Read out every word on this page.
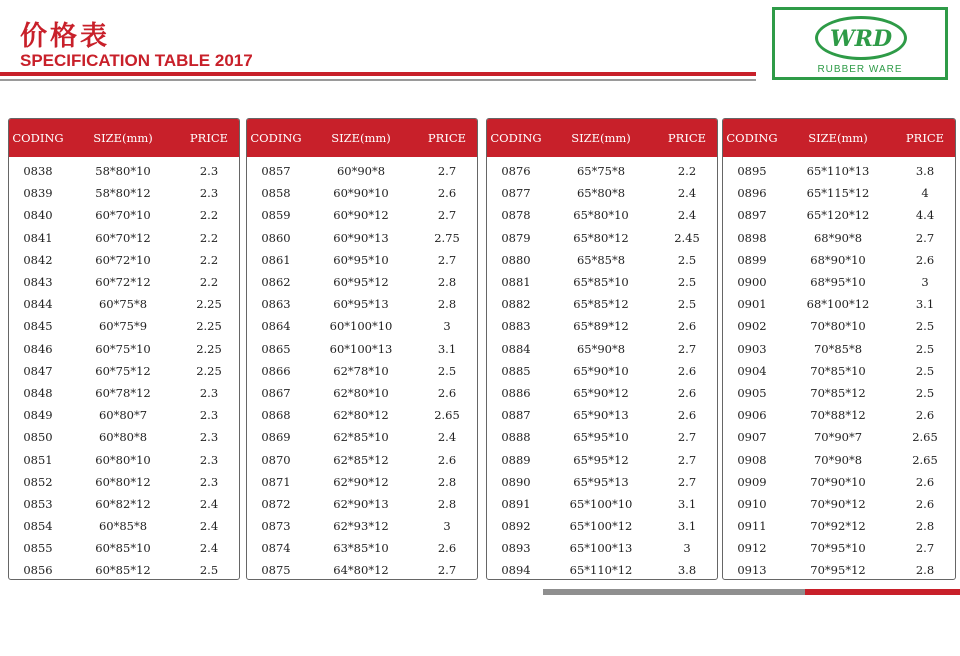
价格表
SPECIFICATION TABLE 2017
WRD
RUBBER WARE
CODING	SIZE(mm)	PRICE
0838	58*80*10	2.3
0839	58*80*12	2.3
0840	60*70*10	2.2
0841	60*70*12	2.2
0842	60*72*10	2.2
0843	60*72*12	2.2
0844	60*75*8	2.25
0845	60*75*9	2.25
0846	60*75*10	2.25
0847	60*75*12	2.25
0848	60*78*12	2.3
0849	60*80*7	2.3
0850	60*80*8	2.3
0851	60*80*10	2.3
0852	60*80*12	2.3
0853	60*82*12	2.4
0854	60*85*8	2.4
0855	60*85*10	2.4
0856	60*85*12	2.5
CODING	SIZE(mm)	PRICE
0857	60*90*8	2.7
0858	60*90*10	2.6
0859	60*90*12	2.7
0860	60*90*13	2.75
0861	60*95*10	2.7
0862	60*95*12	2.8
0863	60*95*13	2.8
0864	60*100*10	3
0865	60*100*13	3.1
0866	62*78*10	2.5
0867	62*80*10	2.6
0868	62*80*12	2.65
0869	62*85*10	2.4
0870	62*85*12	2.6
0871	62*90*12	2.8
0872	62*90*13	2.8
0873	62*93*12	3
0874	63*85*10	2.6
0875	64*80*12	2.7
CODING	SIZE(mm)	PRICE
0876	65*75*8	2.2
0877	65*80*8	2.4
0878	65*80*10	2.4
0879	65*80*12	2.45
0880	65*85*8	2.5
0881	65*85*10	2.5
0882	65*85*12	2.5
0883	65*89*12	2.6
0884	65*90*8	2.7
0885	65*90*10	2.6
0886	65*90*12	2.6
0887	65*90*13	2.6
0888	65*95*10	2.7
0889	65*95*12	2.7
0890	65*95*13	2.7
0891	65*100*10	3.1
0892	65*100*12	3.1
0893	65*100*13	3
0894	65*110*12	3.8
CODING	SIZE(mm)	PRICE
0895	65*110*13	3.8
0896	65*115*12	4
0897	65*120*12	4.4
0898	68*90*8	2.7
0899	68*90*10	2.6
0900	68*95*10	3
0901	68*100*12	3.1
0902	70*80*10	2.5
0903	70*85*8	2.5
0904	70*85*10	2.5
0905	70*85*12	2.5
0906	70*88*12	2.6
0907	70*90*7	2.65
0908	70*90*8	2.65
0909	70*90*10	2.6
0910	70*90*12	2.6
0911	70*92*12	2.8
0912	70*95*10	2.7
0913	70*95*12	2.8
